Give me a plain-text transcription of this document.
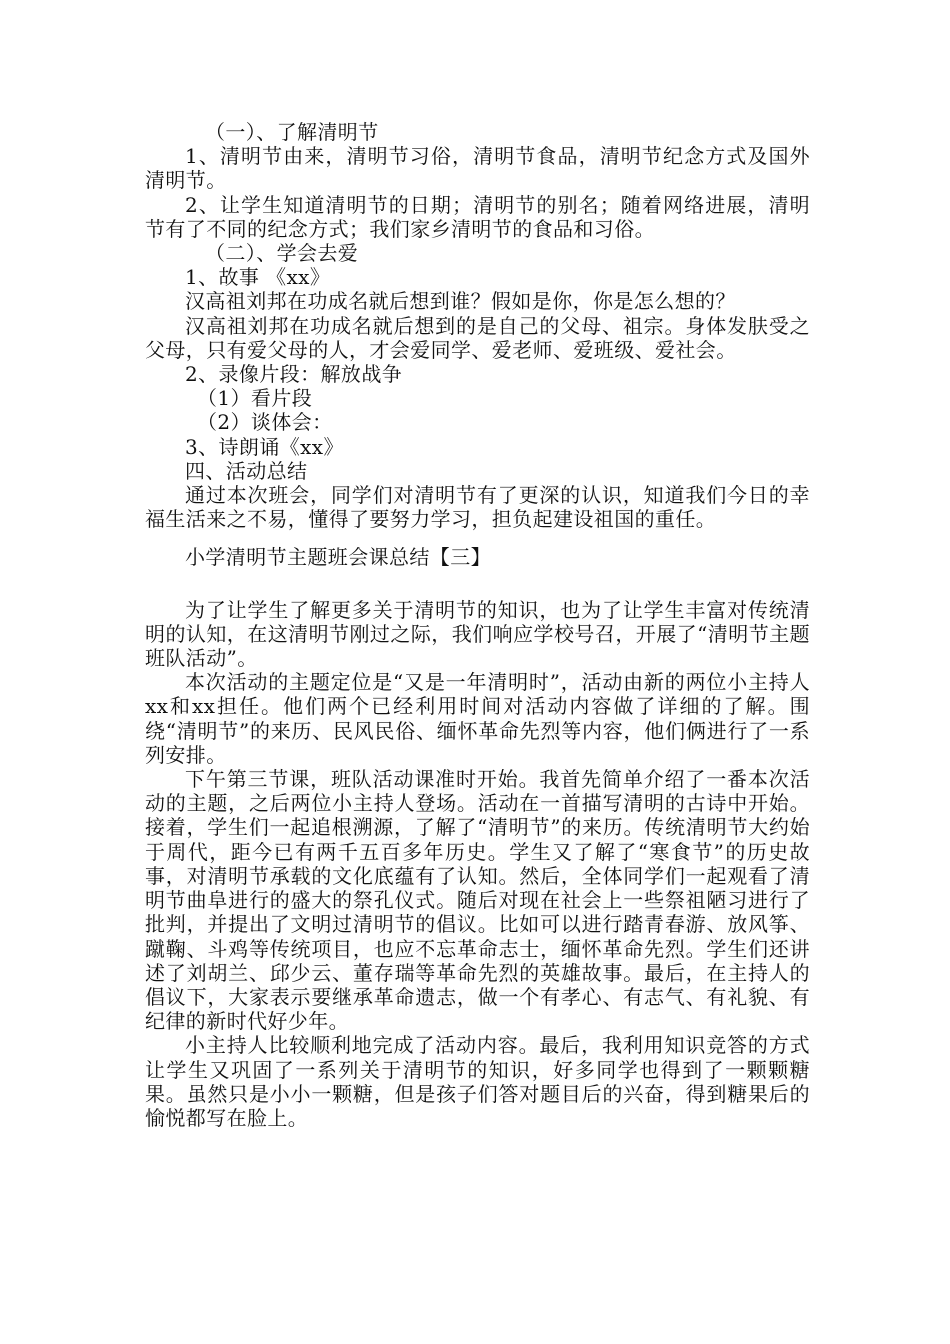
（一）、了解清明节

1、清明节由来，清明节习俗，清明节食品，清明节纪念方式及国外清明节。

2、让学生知道清明节的日期；清明节的别名；随着网络进展，清明节有了不同的纪念方式；我们家乡清明节的食品和习俗。

（二）、学会去爱

1、故事 《xx》

汉高祖刘邦在功成名就后想到谁？假如是你，你是怎么想的？

汉高祖刘邦在功成名就后想到的是自己的父母、祖宗。身体发肤受之父母，只有爱父母的人，才会爱同学、爱老师、爱班级、爱社会。

2、录像片段：解放战争

（1）看片段

（2）谈体会：

3、诗朗诵《xx》

四、活动总结

通过本次班会，同学们对清明节有了更深的认识，知道我们今日的幸福生活来之不易，懂得了要努力学习，担负起建设祖国的重任。

小学清明节主题班会课总结【三】

为了让学生了解更多关于清明节的知识，也为了让学生丰富对传统清明的认知，在这清明节刚过之际，我们响应学校号召，开展了“清明节主题班队活动”。

本次活动的主题定位是“又是一年清明时”，活动由新的两位小主持人xx和xx担任。他们两个已经利用时间对活动内容做了详细的了解。围绕“清明节”的来历、民风民俗、缅怀革命先烈等内容，他们俩进行了一系列安排。

下午第三节课，班队活动课准时开始。我首先简单介绍了一番本次活动的主题，之后两位小主持人登场。活动在一首描写清明的古诗中开始。接着，学生们一起追根溯源，了解了“清明节”的来历。传统清明节大约始于周代，距今已有两千五百多年历史。学生又了解了“寒食节”的历史故事，对清明节承载的文化底蕴有了认知。然后，全体同学们一起观看了清明节曲阜进行的盛大的祭孔仪式。随后对现在社会上一些祭祖陋习进行了批判，并提出了文明过清明节的倡议。比如可以进行踏青春游、放风筝、蹴鞠、斗鸡等传统项目，也应不忘革命志士，缅怀革命先烈。学生们还讲述了刘胡兰、邱少云、董存瑞等革命先烈的英雄故事。最后，在主持人的倡议下，大家表示要继承革命遗志，做一个有孝心、有志气、有礼貌、有纪律的新时代好少年。

小主持人比较顺利地完成了活动内容。最后，我利用知识竞答的方式让学生又巩固了一系列关于清明节的知识，好多同学也得到了一颗颗糖果。虽然只是小小一颗糖，但是孩子们答对题目后的兴奋，得到糖果后的愉悦都写在脸上。
